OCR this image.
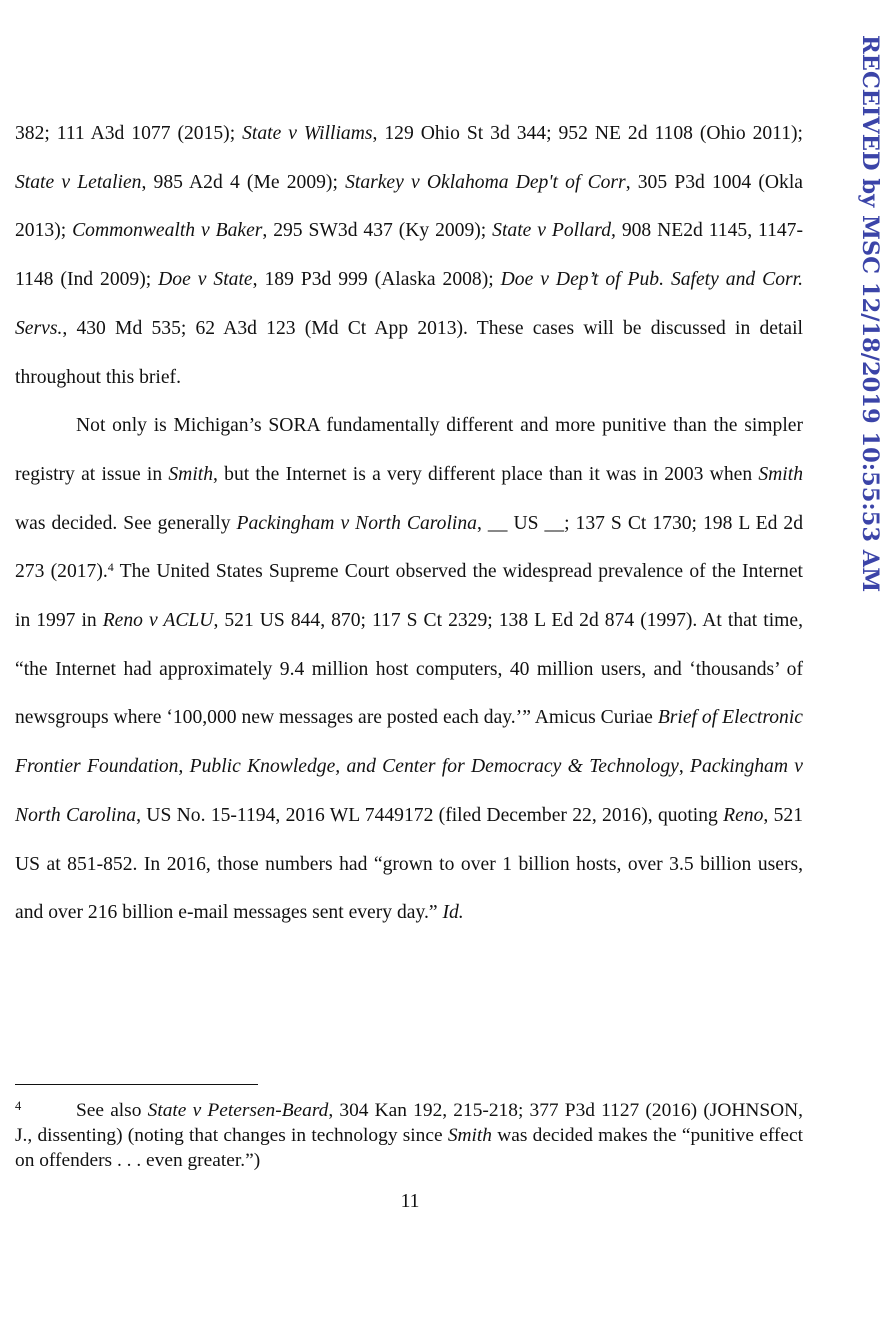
RECEIVED by MSC 12/18/2019 10:55:53 AM

382; 111 A3d 1077 (2015); State v Williams, 129 Ohio St 3d 344; 952 NE 2d 1108 (Ohio 2011); State v Letalien, 985 A2d 4 (Me 2009); Starkey v Oklahoma Dep't of Corr, 305 P3d 1004 (Okla 2013); Commonwealth v Baker, 295 SW3d 437 (Ky 2009); State v Pollard, 908 NE2d 1145, 1147-1148 (Ind 2009); Doe v State, 189 P3d 999 (Alaska 2008); Doe v Dep’t of Pub. Safety and Corr. Servs., 430 Md 535; 62 A3d 123 (Md Ct App 2013). These cases will be discussed in detail throughout this brief.

Not only is Michigan’s SORA fundamentally different and more punitive than the simpler registry at issue in Smith, but the Internet is a very different place than it was in 2003 when Smith was decided. See generally Packingham v North Carolina, __ US __; 137 S Ct 1730; 198 L Ed 2d 273 (2017).$^4$ The United States Supreme Court observed the widespread prevalence of the Internet in 1997 in Reno v ACLU, 521 US 844, 870; 117 S Ct 2329; 138 L Ed 2d 874 (1997). At that time, “the Internet had approximately 9.4 million host computers, 40 million users, and ‘thousands’ of newsgroups where ‘100,000 new messages are posted each day.’” Amicus Curiae Brief of Electronic Frontier Foundation, Public Knowledge, and Center for Democracy & Technology, Packingham v North Carolina, US No. 15-1194, 2016 WL 7449172 (filed December 22, 2016), quoting Reno, 521 US at 851-852. In 2016, those numbers had “grown to over 1 billion hosts, over 3.5 billion users, and over 216 billion e-mail messages sent every day.” Id.

4	See also State v Petersen-Beard, 304 Kan 192, 215-218; 377 P3d 1127 (2016) (JOHNSON, J., dissenting) (noting that changes in technology since Smith was decided makes the “punitive effect on offenders . . . even greater.”)

11
